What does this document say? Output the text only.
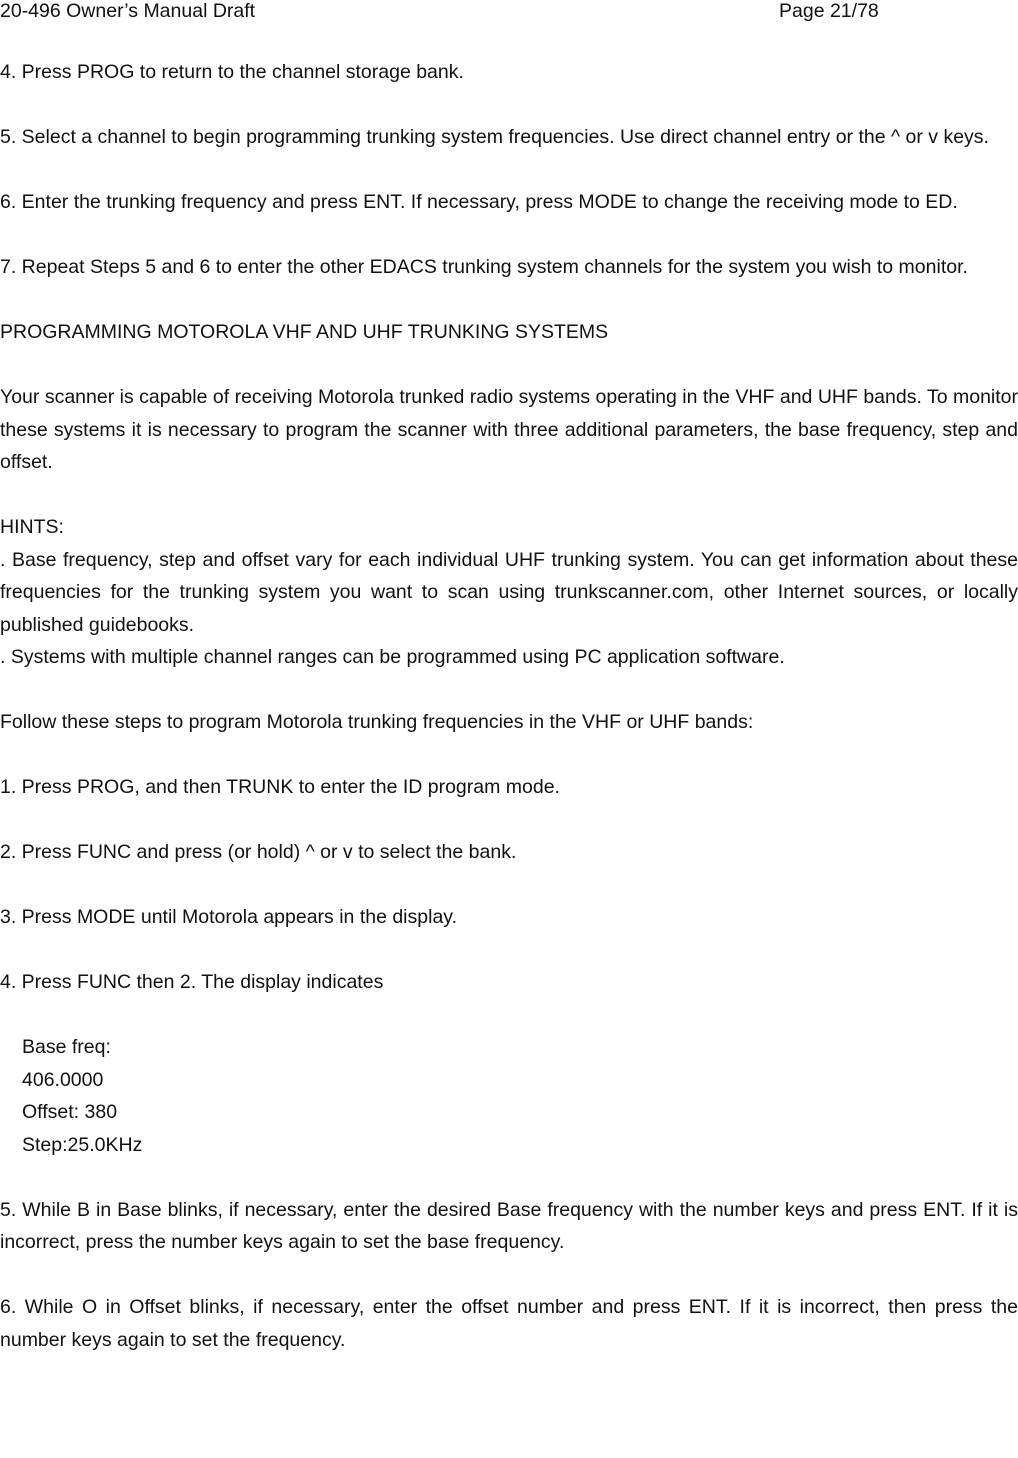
20-496 Owner’s Manual Draft	Page 21/78

4. Press PROG to return to the channel storage bank.

5. Select a channel to begin programming trunking system frequencies. Use direct channel entry or the ^ or v keys.

6. Enter the trunking frequency and press ENT. If necessary, press MODE to change the receiving mode to ED.

7. Repeat Steps 5 and 6 to enter the other EDACS trunking system channels for the system you wish to monitor.

PROGRAMMING MOTOROLA VHF AND UHF TRUNKING SYSTEMS

Your scanner is capable of receiving Motorola trunked radio systems operating in the VHF and UHF bands. To monitor these systems it is necessary to program the scanner with three additional parameters, the base frequency, step and offset.

HINTS:

. Base frequency, step and offset vary for each individual UHF trunking system. You can get information about these frequencies for the trunking system you want to scan using trunkscanner.com, other Internet sources, or locally published guidebooks.

. Systems with multiple channel ranges can be programmed using PC application software.

Follow these steps to program Motorola trunking frequencies in the VHF or UHF bands:

1. Press PROG, and then TRUNK to enter the ID program mode.

2. Press FUNC and press (or hold) ^ or v to select the bank.

3. Press MODE until Motorola appears in the display.

4. Press FUNC then 2. The display indicates

Base freq:

406.0000

Offset: 380

Step:25.0KHz

5. While B in Base blinks, if necessary, enter the desired Base frequency with the number keys and press ENT. If it is incorrect, press the number keys again to set the base frequency.

6. While O in Offset blinks, if necessary, enter the offset number and press ENT. If it is incorrect, then press the number keys again to set the frequency.
